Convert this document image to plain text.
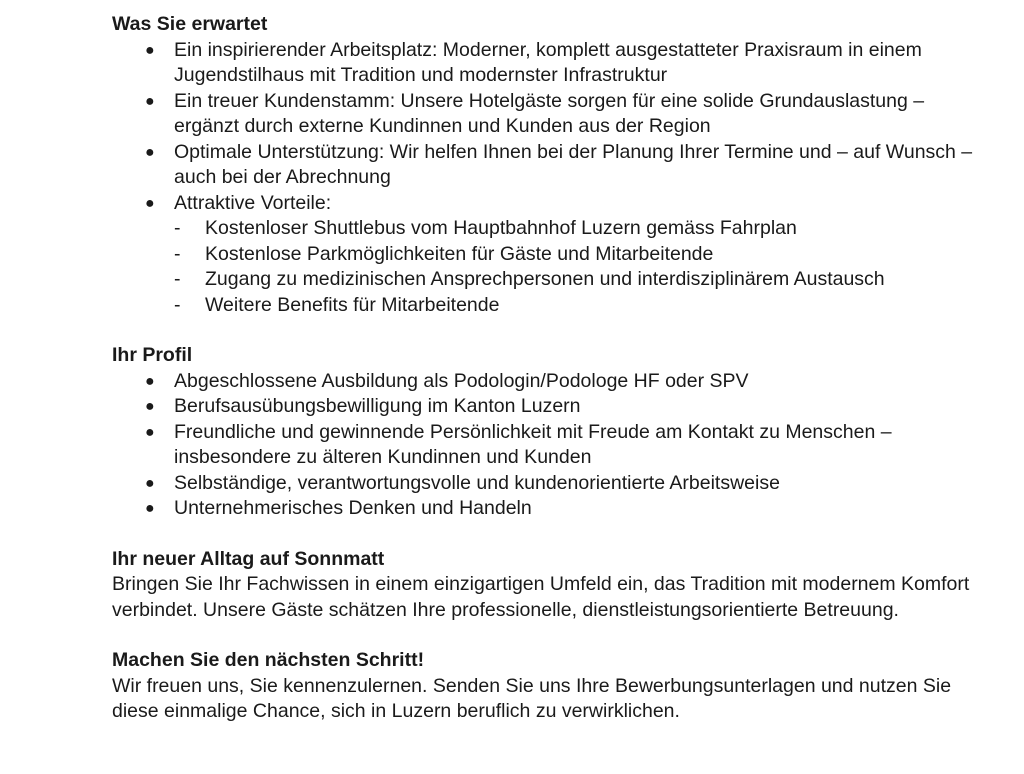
Was Sie erwartet
● Ein inspirierender Arbeitsplatz: Moderner, komplett ausgestatteter Praxisraum in einem Jugendstilhaus mit Tradition und modernster Infrastruktur
● Ein treuer Kundenstamm: Unsere Hotelgäste sorgen für eine solide Grundauslastung – ergänzt durch externe Kundinnen und Kunden aus der Region
● Optimale Unterstützung: Wir helfen Ihnen bei der Planung Ihrer Termine und – auf Wunsch – auch bei der Abrechnung
● Attraktive Vorteile:
- Kostenloser Shuttlebus vom Hauptbahnhof Luzern gemäss Fahrplan
- Kostenlose Parkmöglichkeiten für Gäste und Mitarbeitende
- Zugang zu medizinischen Ansprechpersonen und interdisziplinärem Austausch
- Weitere Benefits für Mitarbeitende
Ihr Profil
● Abgeschlossene Ausbildung als Podologin/Podologe HF oder SPV
● Berufsausübungsbewilligung im Kanton Luzern
● Freundliche und gewinnende Persönlichkeit mit Freude am Kontakt zu Menschen – insbesondere zu älteren Kundinnen und Kunden
● Selbständige, verantwortungsvolle und kundenorientierte Arbeitsweise
● Unternehmerisches Denken und Handeln
Ihr neuer Alltag auf Sonnmatt

Bringen Sie Ihr Fachwissen in einem einzigartigen Umfeld ein, das Tradition mit modernem Komfort verbindet. Unsere Gäste schätzen Ihre professionelle, dienstleistungsorientierte Betreuung.

Machen Sie den nächsten Schritt!

Wir freuen uns, Sie kennenzulernen. Senden Sie uns Ihre Bewerbungsunterlagen und nutzen Sie diese einmalige Chance, sich in Luzern beruflich zu verwirklichen.
